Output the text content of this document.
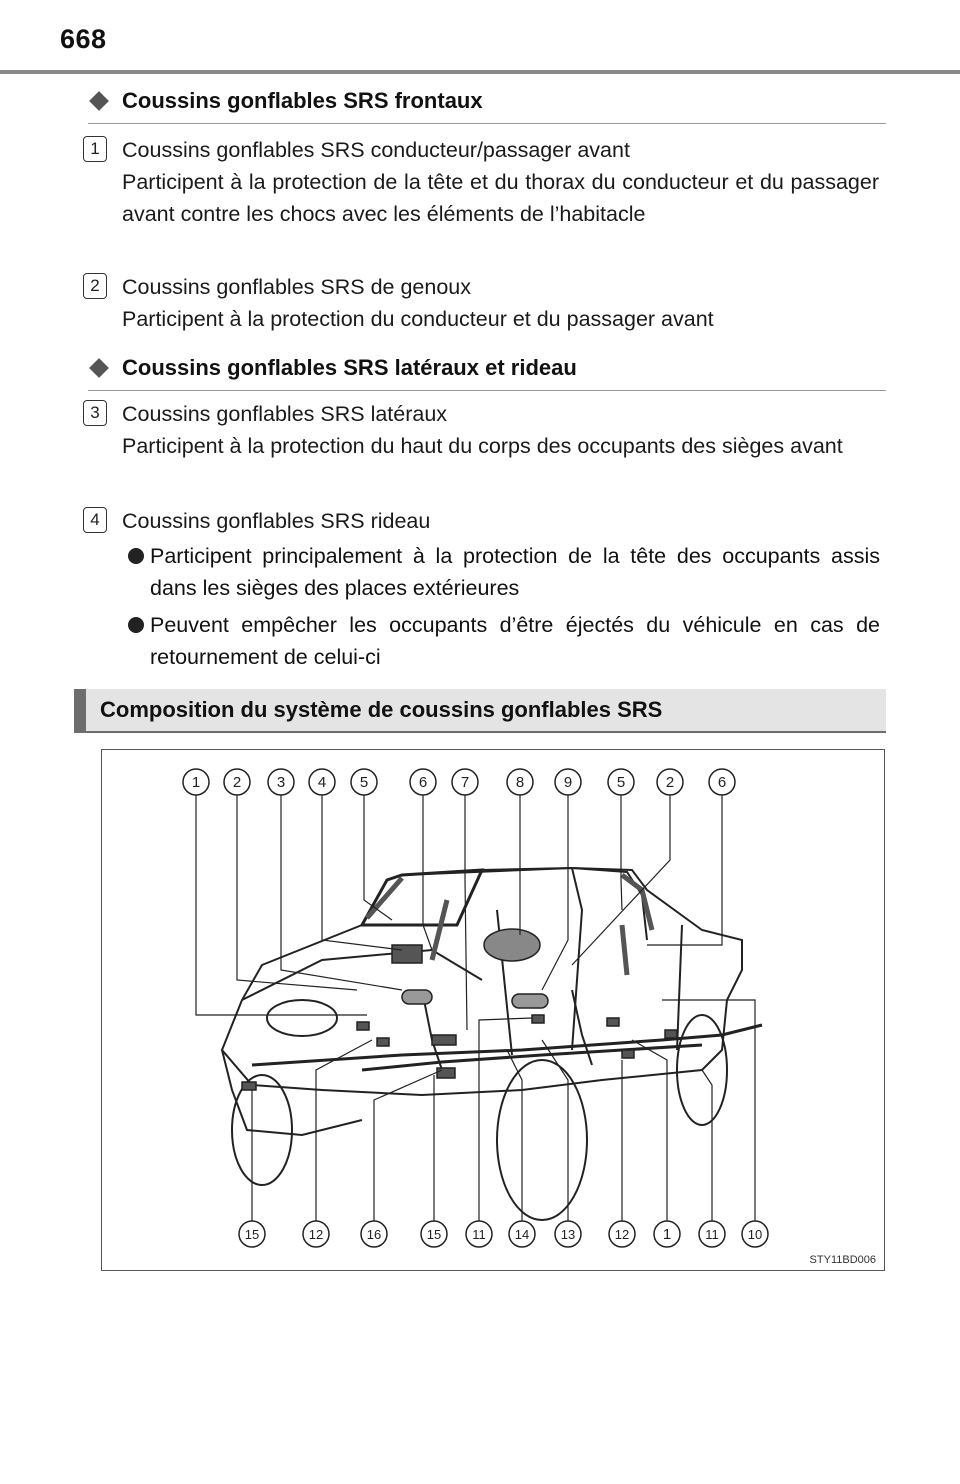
668
Coussins gonflables SRS frontaux
1	Coussins gonflables SRS conducteur/passager avant
Participent à la protection de la tête et du thorax du conducteur et du passager avant contre les chocs avec les éléments de l’habitacle
2	Coussins gonflables SRS de genoux
Participent à la protection du conducteur et du passager avant
Coussins gonflables SRS latéraux et rideau
3	Coussins gonflables SRS latéraux
Participent à la protection du haut du corps des occupants des sièges avant
4	Coussins gonflables SRS rideau
Participent principalement à la protection de la tête des occupants assis dans les sièges des places extérieures
Peuvent empêcher les occupants d’être éjectés du véhicule en cas de retournement de celui-ci
Composition du système de coussins gonflables SRS
1 2 3 4 5	6 7	8	9	5	2	6
15	12	16	15 11 14 13	12 1	11 10
STY11BD006
